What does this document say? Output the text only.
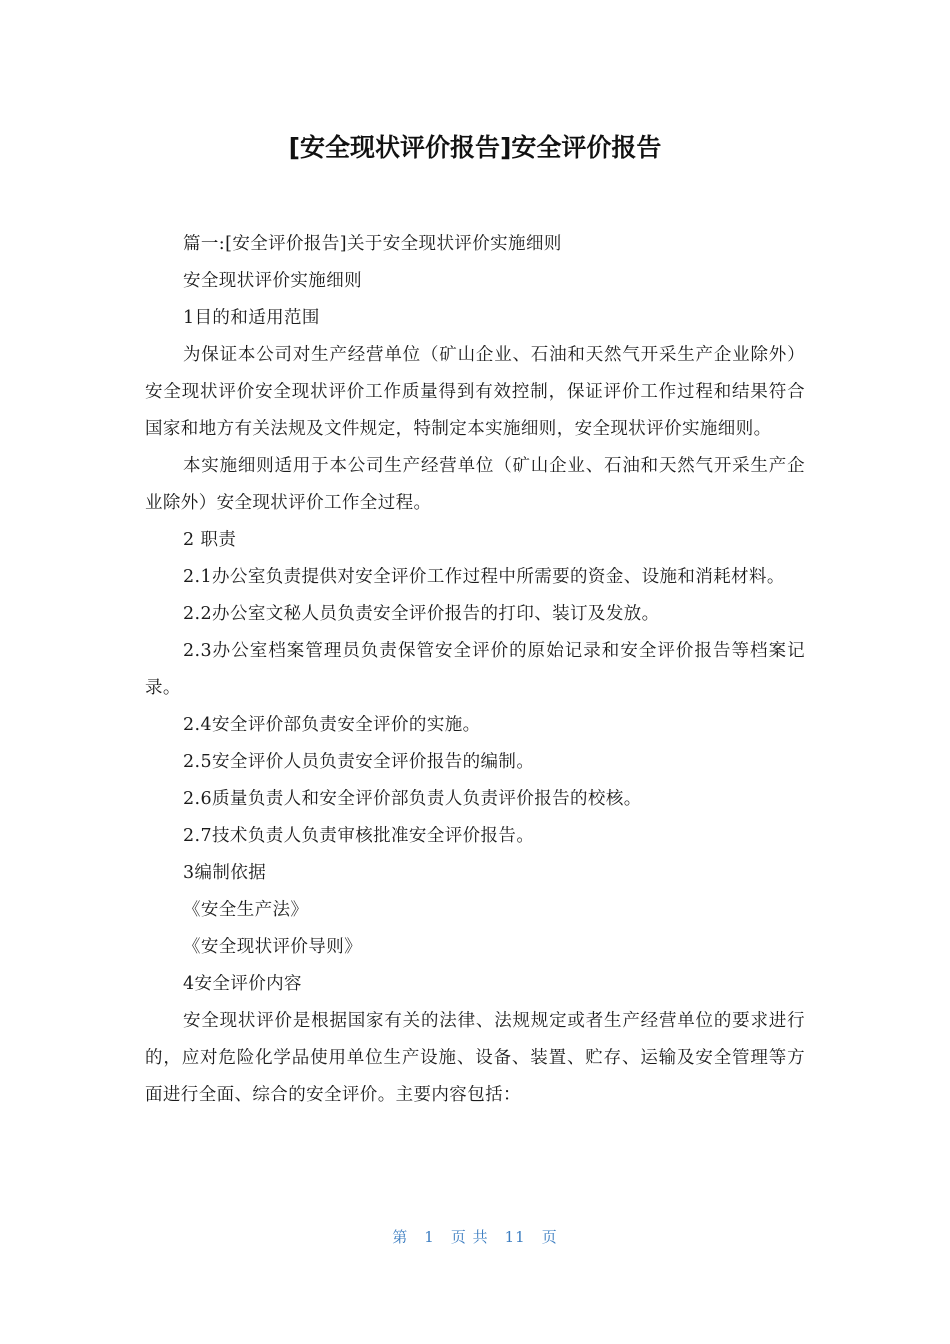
[安全现状评价报告]安全评价报告

篇一:[安全评价报告]关于安全现状评价实施细则

安全现状评价实施细则

1目的和适用范围

为保证本公司对生产经营单位（矿山企业、石油和天然气开采生产企业除外）安全现状评价安全现状评价工作质量得到有效控制，保证评价工作过程和结果符合国家和地方有关法规及文件规定，特制定本实施细则，安全现状评价实施细则。

本实施细则适用于本公司生产经营单位（矿山企业、石油和天然气开采生产企业除外）安全现状评价工作全过程。

2 职责

2.1办公室负责提供对安全评价工作过程中所需要的资金、设施和消耗材料。

2.2办公室文秘人员负责安全评价报告的打印、装订及发放。

2.3办公室档案管理员负责保管安全评价的原始记录和安全评价报告等档案记录。

2.4安全评价部负责安全评价的实施。

2.5安全评价人员负责安全评价报告的编制。

2.6质量负责人和安全评价部负责人负责评价报告的校核。

2.7技术负责人负责审核批准安全评价报告。

3编制依据

《安全生产法》

《安全现状评价导则》

4安全评价内容

安全现状评价是根据国家有关的法律、法规规定或者生产经营单位的要求进行的，应对危险化学品使用单位生产设施、设备、装置、贮存、运输及安全管理等方面进行全面、综合的安全评价。主要内容包括：

第 1 页 共 11 页
